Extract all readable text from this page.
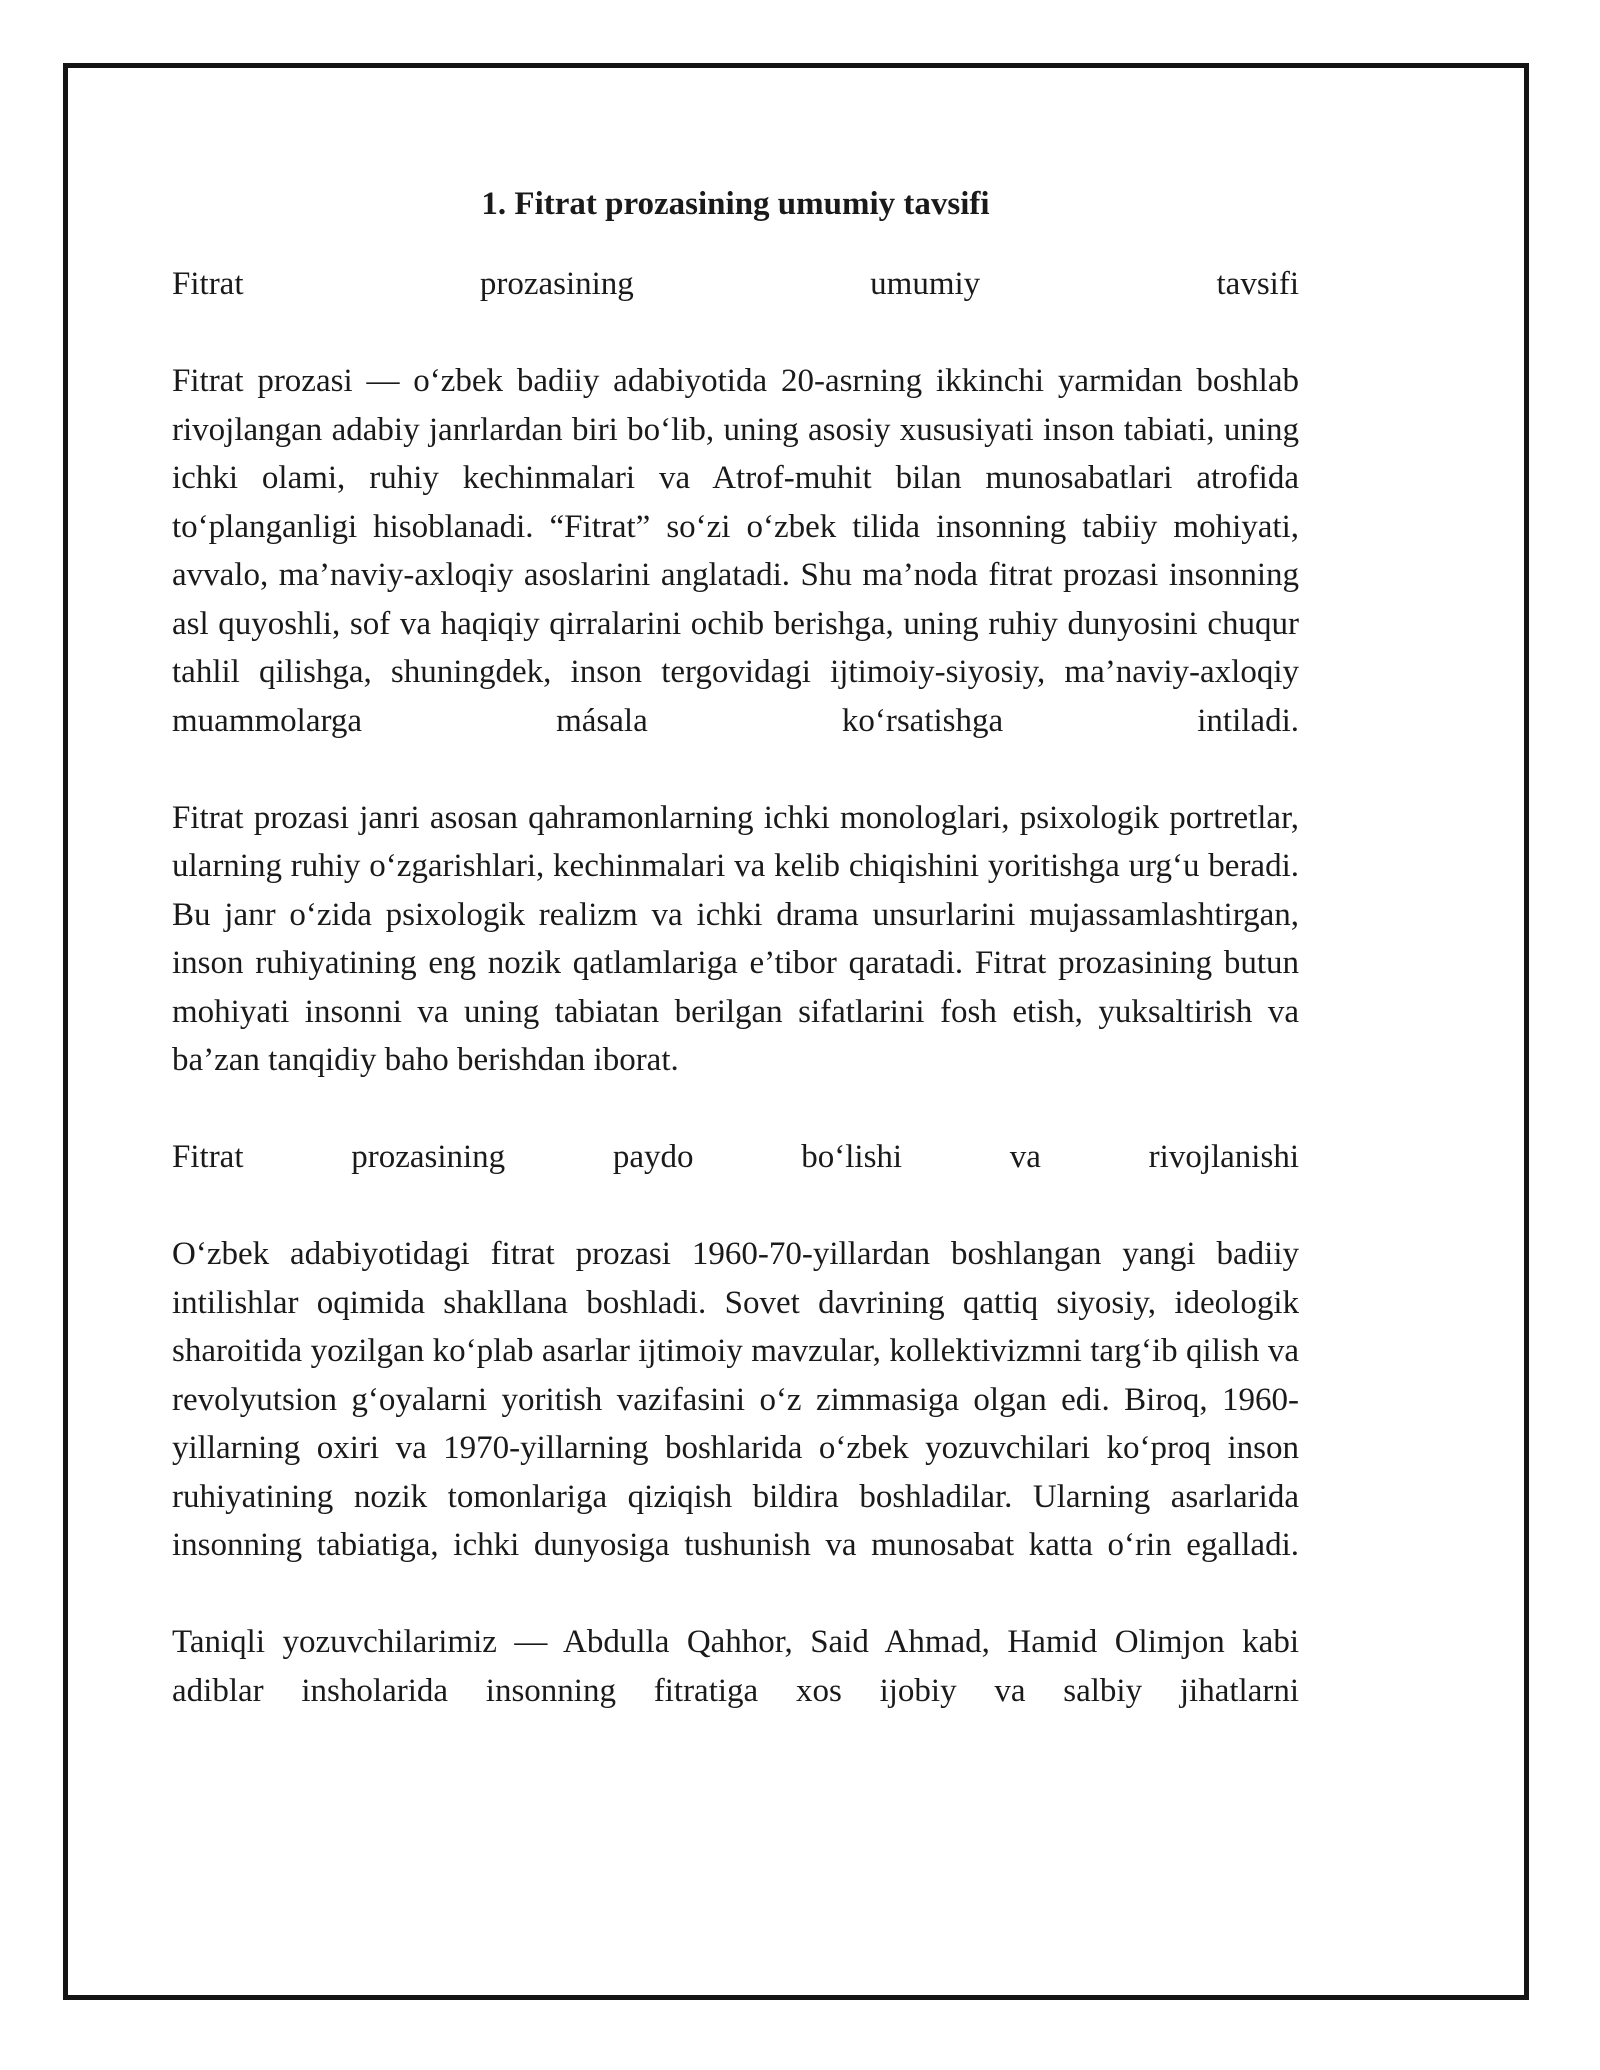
1. Fitrat prozasining umumiy tavsifi
Fitrat prozasining umumiy tavsifi
Fitrat prozasi — o‘zbek badiiy adabiyotida 20-asrning ikkinchi yarmidan boshlab rivojlangan adabiy janrlardan biri bo‘lib, uning asosiy xususiyati inson tabiati, uning ichki olami, ruhiy kechinmalari va Atrof-muhit bilan munosabatlari atrofida to‘planganligi hisoblanadi. “Fitrat” so‘zi o‘zbek tilida insonning tabiiy mohiyati, avvalo, ma’naviy-axloqiy asoslarini anglatadi. Shu ma’noda fitrat prozasi insonning asl quyoshli, sof va haqiqiy qirralarini ochib berishga, uning ruhiy dunyosini chuqur tahlil qilishga, shuningdek, inson tergovidagi ijtimoiy-siyosiy, ma’naviy-axloqiy muammolarga másala ko‘rsatishga intiladi.
Fitrat prozasi janri asosan qahramonlarning ichki monologlari, psixologik portretlar, ularning ruhiy o‘zgarishlari, kechinmalari va kelib chiqishini yoritishga urg‘u beradi. Bu janr o‘zida psixologik realizm va ichki drama unsurlarini mujassamlashtirgan, inson ruhiyatining eng nozik qatlamlariga e’tibor qaratadi. Fitrat prozasining butun mohiyati insonni va uning tabiatan berilgan sifatlarini fosh etish, yuksaltirish va ba’zan tanqidiy baho berishdan iborat.
Fitrat prozasining paydo bo‘lishi va rivojlanishi
O‘zbek adabiyotidagi fitrat prozasi 1960-70-yillardan boshlangan yangi badiiy intilishlar oqimida shakllana boshladi. Sovet davrining qattiq siyosiy, ideologik sharoitida yozilgan ko‘plab asarlar ijtimoiy mavzular, kollektivizmni targ‘ib qilish va revolyutsion g‘oyalarni yoritish vazifasini o‘z zimmasiga olgan edi. Biroq, 1960-yillarning oxiri va 1970-yillarning boshlarida o‘zbek yozuvchilari ko‘proq inson ruhiyatining nozik tomonlariga qiziqish bildira boshladilar. Ularning asarlarida insonning tabiatiga, ichki dunyosiga tushunish va munosabat katta o‘rin egalladi.
Taniqli yozuvchilarimiz — Abdulla Qahhor, Said Ahmad, Hamid Olimjon kabi adiblar insholarida insonning fitratiga xos ijobiy va salbiy jihatlarni
